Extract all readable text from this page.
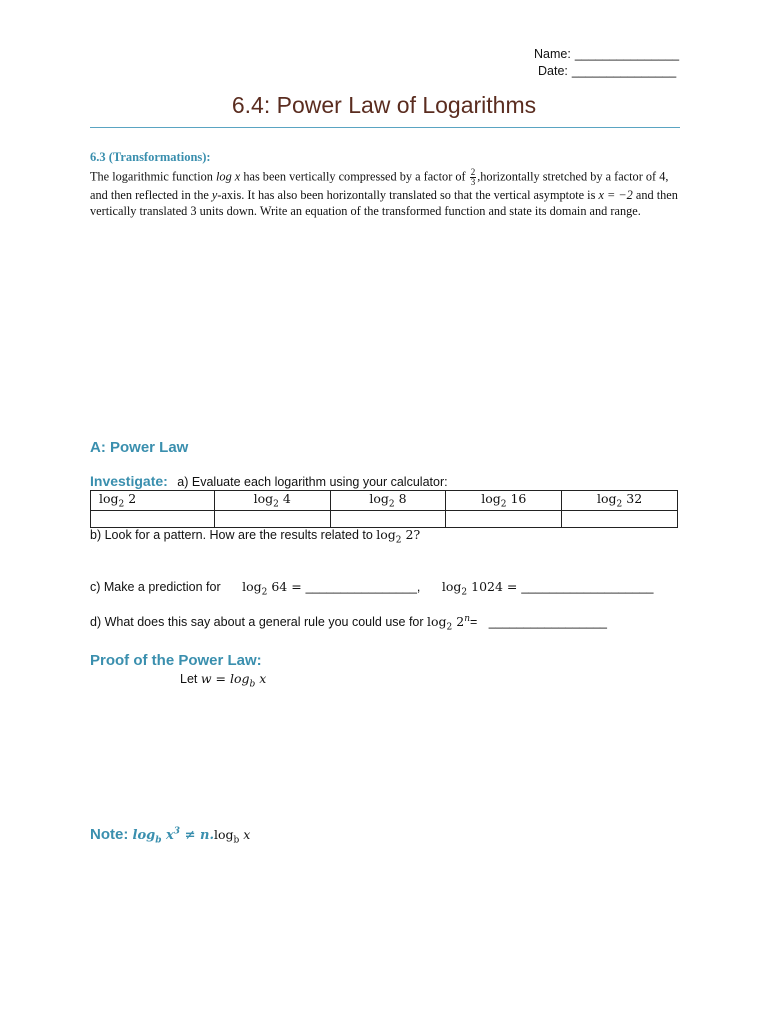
Name: _______________
Date: _______________
6.4: Power Law of Logarithms
6.3 (Transformations):
The logarithmic function log x has been vertically compressed by a factor of $\frac{2}{3}$ ,horizontally stretched by a factor of 4, and then reflected in the y-axis. It has also been horizontally translated so that the vertical asymptote is x = −2 and then vertically translated 3 units down. Write an equation of the transformed function and state its domain and range.
A: Power Law
Investigate: a) Evaluate each logarithm using your calculator:
$\log_2 2$	$\log_2 4$	$\log_2 8$	$\log_2 16$	$\log_2 32$

b) Look for a pattern. How are the results related to $\log_2 2$?
c) Make a prediction for $\log_2 64$ = ________________, $\log_2 1024$ = ___________________
d) What does this say about a general rule you could use for $\log_2 2^n=$ _________________
Proof of the Power Law:
Let $w = \log_b x$
Note: $\log_b x^3 \ne n.\log_b$ x
